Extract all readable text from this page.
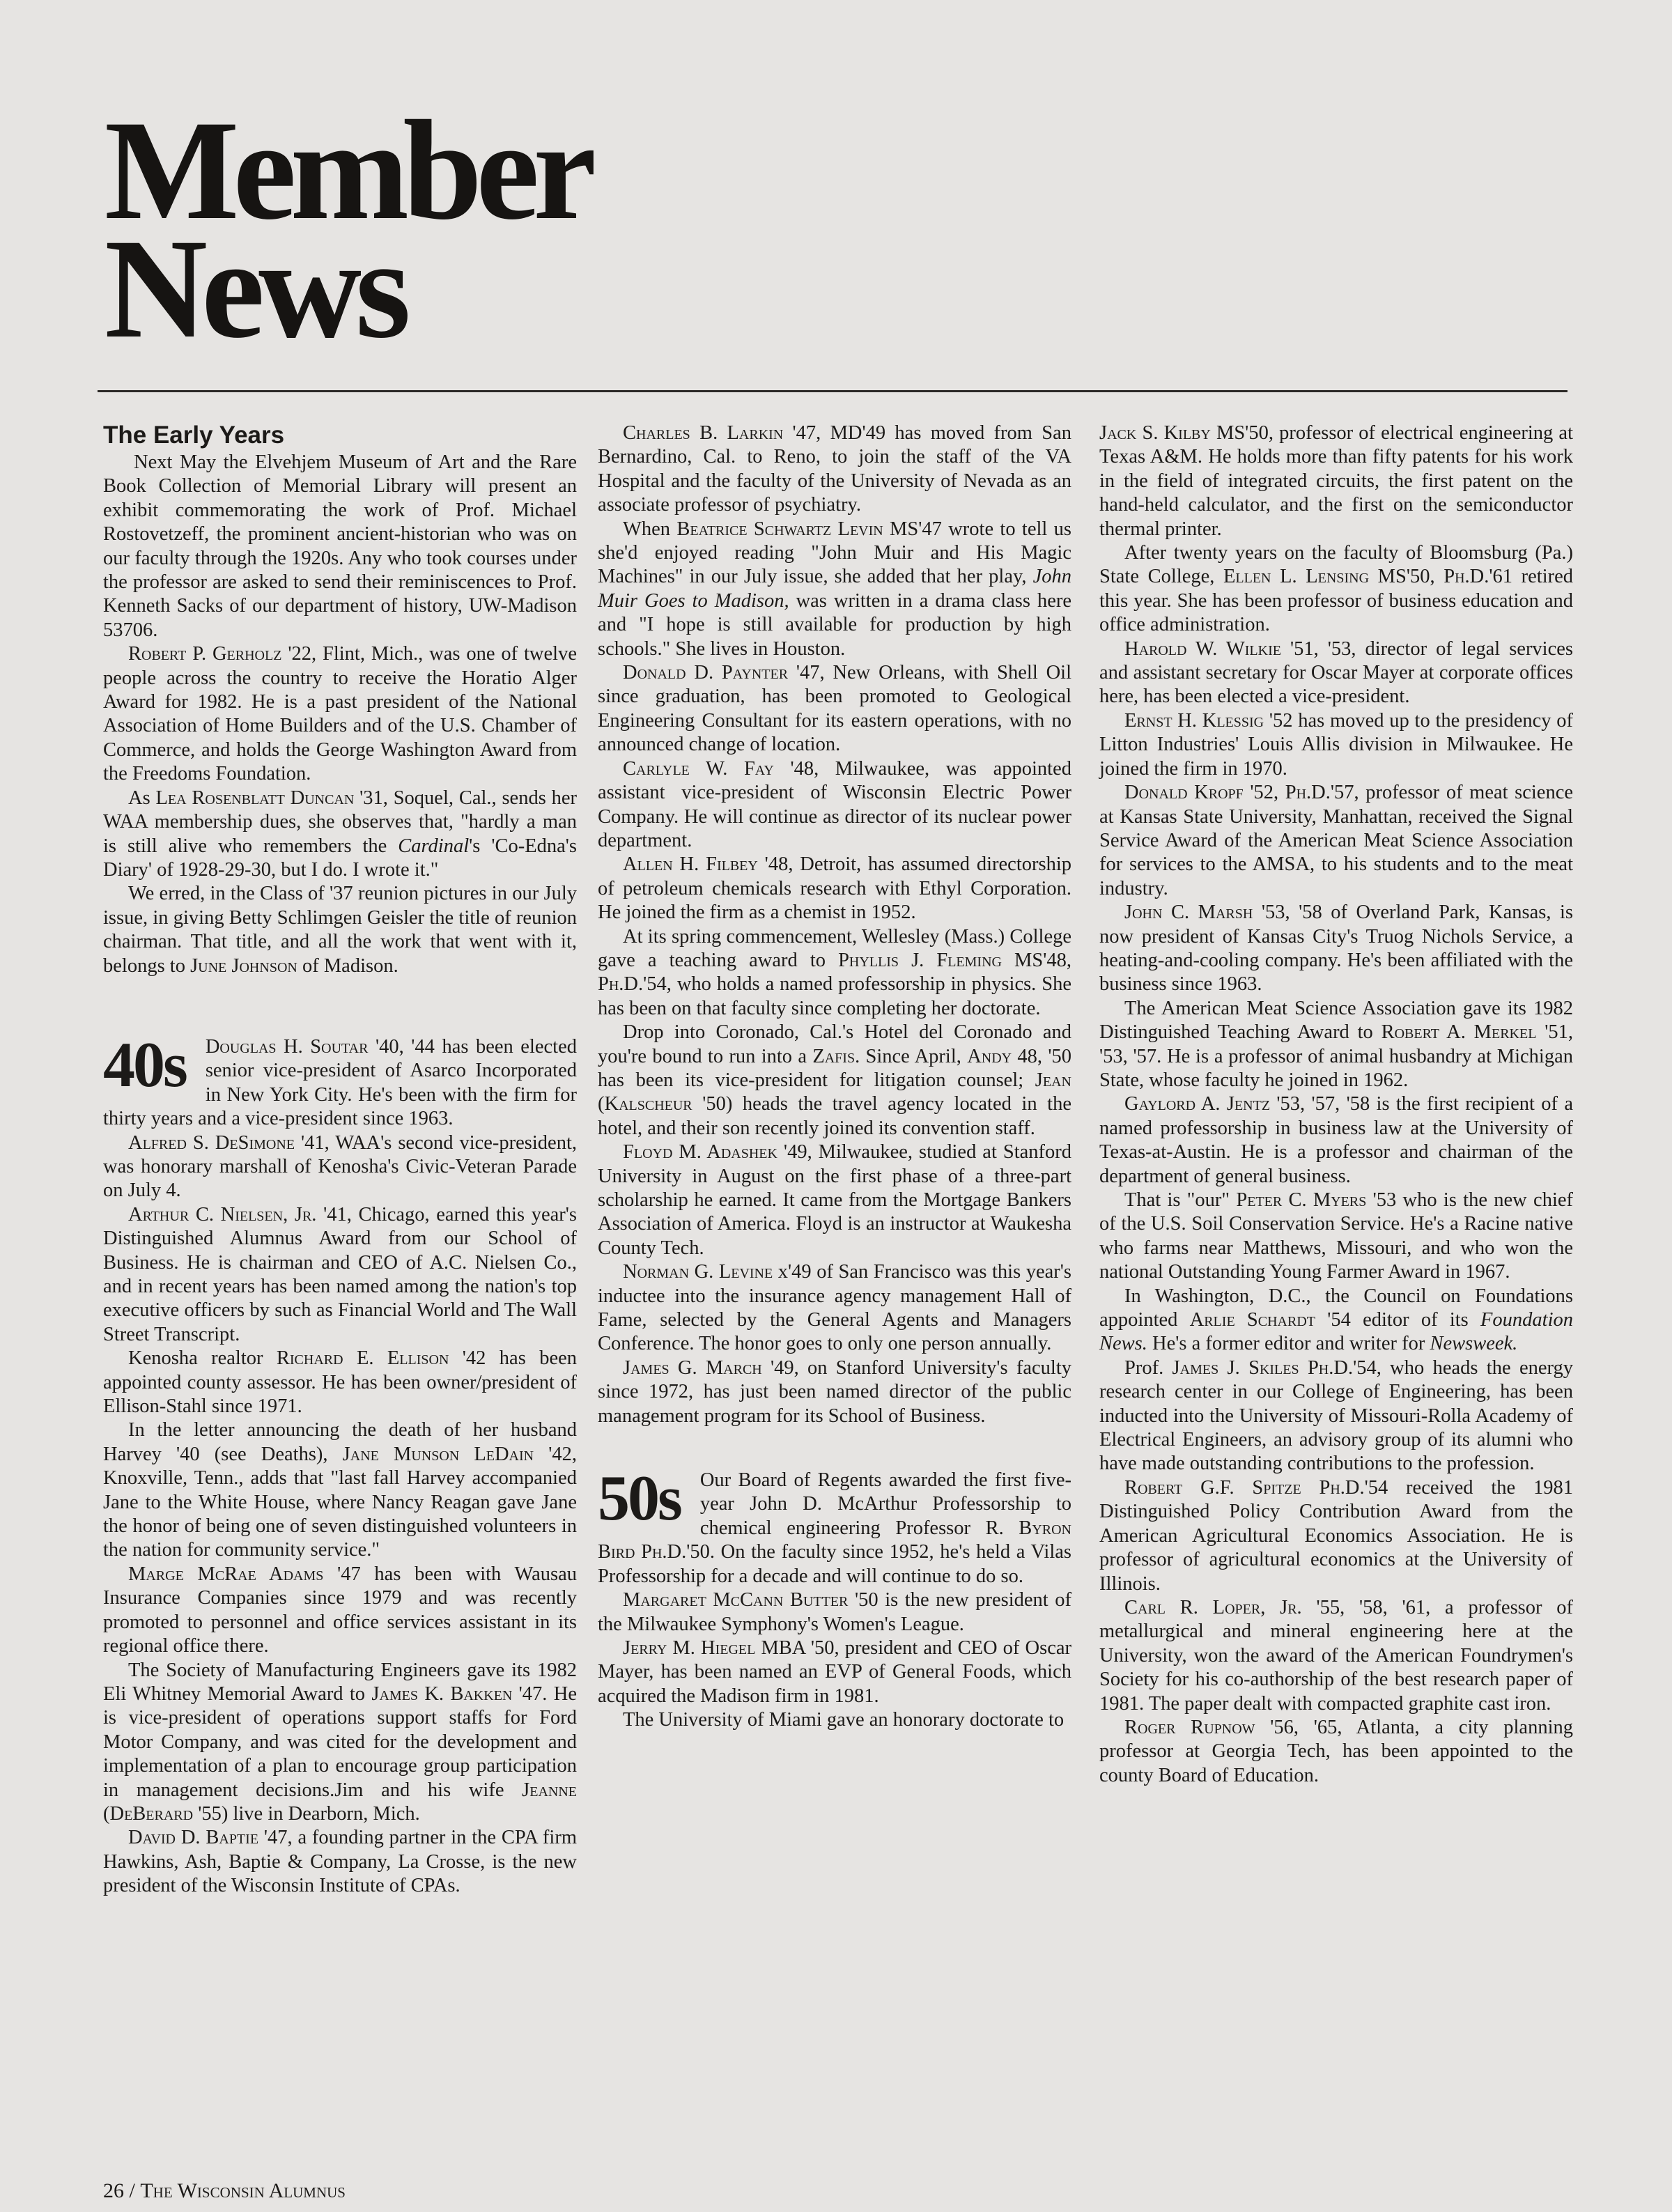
Member
News
The Early Years

Next May the Elvehjem Museum of Art and the Rare Book Collection of Memorial Library will present an exhibit commemorating the work of Prof. Michael Rostovetzeff, the prominent ancient-historian who was on our faculty through the 1920s. Any who took courses under the professor are asked to send their reminiscences to Prof. Kenneth Sacks of our department of history, UW-Madison 53706.

Robert P. Gerholz '22, Flint, Mich., was one of twelve people across the country to receive the Horatio Alger Award for 1982. He is a past president of the National Association of Home Builders and of the U.S. Chamber of Commerce, and holds the George Washington Award from the Freedoms Foundation.

As Lea Rosenblatt Duncan '31, Soquel, Cal., sends her WAA membership dues, she observes that, "hardly a man is still alive who remembers the Cardinal's 'Co-Edna's Diary' of 1928-29-30, but I do. I wrote it."

We erred, in the Class of '37 reunion pictures in our July issue, in giving Betty Schlimgen Geisler the title of reunion chairman. That title, and all the work that went with it, belongs to June Johnson of Madison.

40s Douglas H. Soutar '40, '44 has been elected senior vice-president of Asarco Incorporated in New York City. He's been with the firm for thirty years and a vice-president since 1963.

Alfred S. DeSimone '41, WAA's second vice-president, was honorary marshall of Kenosha's Civic-Veteran Parade on July 4.

Arthur C. Nielsen, Jr. '41, Chicago, earned this year's Distinguished Alumnus Award from our School of Business. He is chairman and CEO of A.C. Nielsen Co., and in recent years has been named among the nation's top executive officers by such as Financial World and The Wall Street Transcript.

Kenosha realtor Richard E. Ellison '42 has been appointed county assessor. He has been owner/president of Ellison-Stahl since 1971.

In the letter announcing the death of her husband Harvey '40 (see Deaths), Jane Munson LeDain '42, Knoxville, Tenn., adds that "last fall Harvey accompanied Jane to the White House, where Nancy Reagan gave Jane the honor of being one of seven distinguished volunteers in the nation for community service."

Marge McRae Adams '47 has been with Wausau Insurance Companies since 1979 and was recently promoted to personnel and office services assistant in its regional office there.

The Society of Manufacturing Engineers gave its 1982 Eli Whitney Memorial Award to James K. Bakken '47. He is vice-president of operations support staffs for Ford Motor Company, and was cited for the development and implementation of a plan to encourage group participation in management decisions.Jim and his wife Jeanne (DeBerard '55) live in Dearborn, Mich.

David D. Baptie '47, a founding partner in the CPA firm Hawkins, Ash, Baptie & Company, La Crosse, is the new president of the Wisconsin Institute of CPAs.

Charles B. Larkin '47, MD'49 has moved from San Bernardino, Cal. to Reno, to join the staff of the VA Hospital and the faculty of the University of Nevada as an associate professor of psychiatry.

When Beatrice Schwartz Levin MS'47 wrote to tell us she'd enjoyed reading "John Muir and His Magic Machines" in our July issue, she added that her play, John Muir Goes to Madison, was written in a drama class here and "I hope is still available for production by high schools." She lives in Houston.

Donald D. Paynter '47, New Orleans, with Shell Oil since graduation, has been promoted to Geological Engineering Consultant for its eastern operations, with no announced change of location.

Carlyle W. Fay '48, Milwaukee, was appointed assistant vice-president of Wisconsin Electric Power Company. He will continue as director of its nuclear power department.

Allen H. Filbey '48, Detroit, has assumed directorship of petroleum chemicals research with Ethyl Corporation. He joined the firm as a chemist in 1952.

At its spring commencement, Wellesley (Mass.) College gave a teaching award to Phyllis J. Fleming MS'48, Ph.D.'54, who holds a named professorship in physics. She has been on that faculty since completing her doctorate.

Drop into Coronado, Cal.'s Hotel del Coronado and you're bound to run into a Zafis. Since April, Andy 48, '50 has been its vice-president for litigation counsel; Jean (Kalscheur '50) heads the travel agency located in the hotel, and their son recently joined its convention staff.

Floyd M. Adashek '49, Milwaukee, studied at Stanford University in August on the first phase of a three-part scholarship he earned. It came from the Mortgage Bankers Association of America. Floyd is an instructor at Waukesha County Tech.

Norman G. Levine x'49 of San Francisco was this year's inductee into the insurance agency management Hall of Fame, selected by the General Agents and Managers Conference. The honor goes to only one person annually.

James G. March '49, on Stanford University's faculty since 1972, has just been named director of the public management program for its School of Business.

50s Our Board of Regents awarded the first five-year John D. McArthur Professorship to chemical engineering Professor R. Byron Bird Ph.D.'50. On the faculty since 1952, he's held a Vilas Professorship for a decade and will continue to do so.

Margaret McCann Butter '50 is the new president of the Milwaukee Symphony's Women's League.

Jerry M. Hiegel MBA '50, president and CEO of Oscar Mayer, has been named an EVP of General Foods, which acquired the Madison firm in 1981.

The University of Miami gave an honorary doctorate to

Jack S. Kilby MS'50, professor of electrical engineering at Texas A&M. He holds more than fifty patents for his work in the field of integrated circuits, the first patent on the hand-held calculator, and the first on the semiconductor thermal printer.

After twenty years on the faculty of Bloomsburg (Pa.) State College, Ellen L. Lensing MS'50, Ph.D.'61 retired this year. She has been professor of business education and office administration.

Harold W. Wilkie '51, '53, director of legal services and assistant secretary for Oscar Mayer at corporate offices here, has been elected a vice-president.

Ernst H. Klessig '52 has moved up to the presidency of Litton Industries' Louis Allis division in Milwaukee. He joined the firm in 1970.

Donald Kropf '52, Ph.D.'57, professor of meat science at Kansas State University, Manhattan, received the Signal Service Award of the American Meat Science Association for services to the AMSA, to his students and to the meat industry.

John C. Marsh '53, '58 of Overland Park, Kansas, is now president of Kansas City's Truog Nichols Service, a heating-and-cooling company. He's been affiliated with the business since 1963.

The American Meat Science Association gave its 1982 Distinguished Teaching Award to Robert A. Merkel '51, '53, '57. He is a professor of animal husbandry at Michigan State, whose faculty he joined in 1962.

Gaylord A. Jentz '53, '57, '58 is the first recipient of a named professorship in business law at the University of Texas-at-Austin. He is a professor and chairman of the department of general business.

That is "our" Peter C. Myers '53 who is the new chief of the U.S. Soil Conservation Service. He's a Racine native who farms near Matthews, Missouri, and who won the national Outstanding Young Farmer Award in 1967.

In Washington, D.C., the Council on Foundations appointed Arlie Schardt '54 editor of its Foundation News. He's a former editor and writer for Newsweek.

Prof. James J. Skiles Ph.D.'54, who heads the energy research center in our College of Engineering, has been inducted into the University of Missouri-Rolla Academy of Electrical Engineers, an advisory group of its alumni who have made outstanding contributions to the profession.

Robert G.F. Spitze Ph.D.'54 received the 1981 Distinguished Policy Contribution Award from the American Agricultural Economics Association. He is professor of agricultural economics at the University of Illinois.

Carl R. Loper, Jr. '55, '58, '61, a professor of metallurgical and mineral engineering here at the University, won the award of the American Foundrymen's Society for his co-authorship of the best research paper of 1981. The paper dealt with compacted graphite cast iron.

Roger Rupnow '56, '65, Atlanta, a city planning professor at Georgia Tech, has been appointed to the county Board of Education.

26 / The Wisconsin Alumnus
